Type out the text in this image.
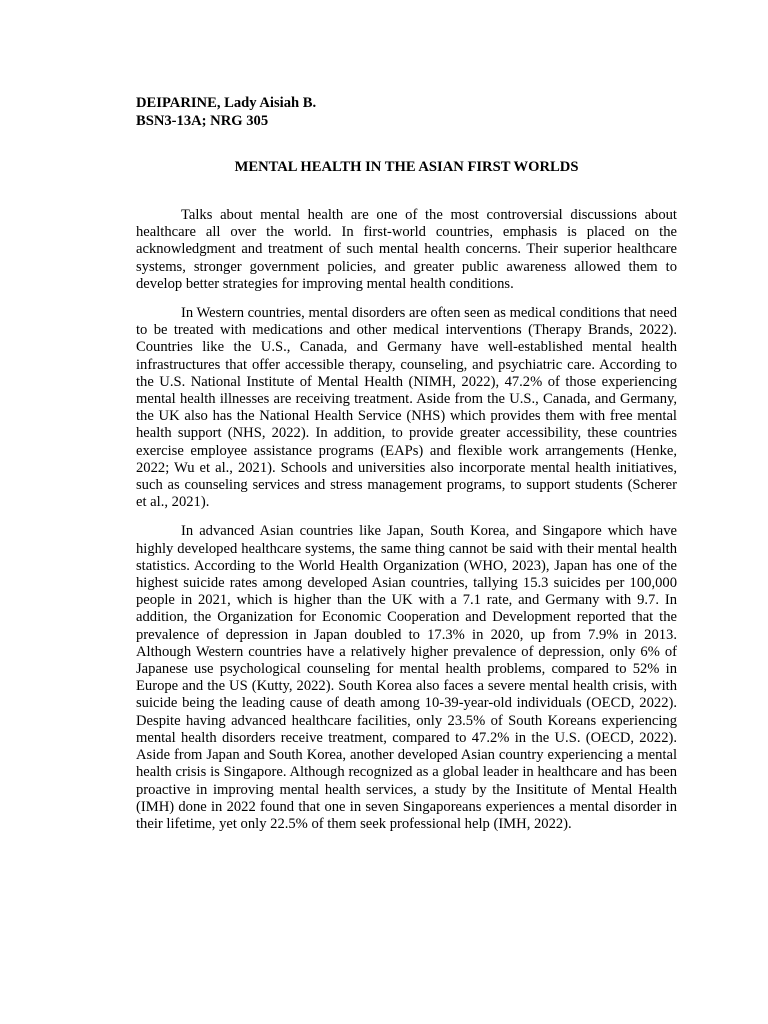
DEIPARINE, Lady Aisiah B.
BSN3-13A; NRG 305
MENTAL HEALTH IN THE ASIAN FIRST WORLDS

Talks about mental health are one of the most controversial discussions about healthcare all over the world. In first-world countries, emphasis is placed on the acknowledgment and treatment of such mental health concerns. Their superior healthcare systems, stronger government policies, and greater public awareness allowed them to develop better strategies for improving mental health conditions.

In Western countries, mental disorders are often seen as medical conditions that need to be treated with medications and other medical interventions (Therapy Brands, 2022). Countries like the U.S., Canada, and Germany have well-established mental health infrastructures that offer accessible therapy, counseling, and psychiatric care. According to the U.S. National Institute of Mental Health (NIMH, 2022), 47.2% of those experiencing mental health illnesses are receiving treatment. Aside from the U.S., Canada, and Germany, the UK also has the National Health Service (NHS) which provides them with free mental health support (NHS, 2022). In addition, to provide greater accessibility, these countries exercise employee assistance programs (EAPs) and flexible work arrangements (Henke, 2022; Wu et al., 2021). Schools and universities also incorporate mental health initiatives, such as counseling services and stress management programs, to support students (Scherer et al., 2021).

In advanced Asian countries like Japan, South Korea, and Singapore which have highly developed healthcare systems, the same thing cannot be said with their mental health statistics. According to the World Health Organization (WHO, 2023), Japan has one of the highest suicide rates among developed Asian countries, tallying 15.3 suicides per 100,000 people in 2021, which is higher than the UK with a 7.1 rate, and Germany with 9.7. In addition, the Organization for Economic Cooperation and Development reported that the prevalence of depression in Japan doubled to 17.3% in 2020, up from 7.9% in 2013. Although Western countries have a relatively higher prevalence of depression, only 6% of Japanese use psychological counseling for mental health problems, compared to 52% in Europe and the US (Kutty, 2022). South Korea also faces a severe mental health crisis, with suicide being the leading cause of death among 10-39-year-old individuals (OECD, 2022). Despite having advanced healthcare facilities, only 23.5% of South Koreans experiencing mental health disorders receive treatment, compared to 47.2% in the U.S. (OECD, 2022). Aside from Japan and South Korea, another developed Asian country experiencing a mental health crisis is Singapore. Although recognized as a global leader in healthcare and has been proactive in improving mental health services, a study by the Insititute of Mental Health (IMH) done in 2022 found that one in seven Singaporeans experiences a mental disorder in their lifetime, yet only 22.5% of them seek professional help (IMH, 2022).
